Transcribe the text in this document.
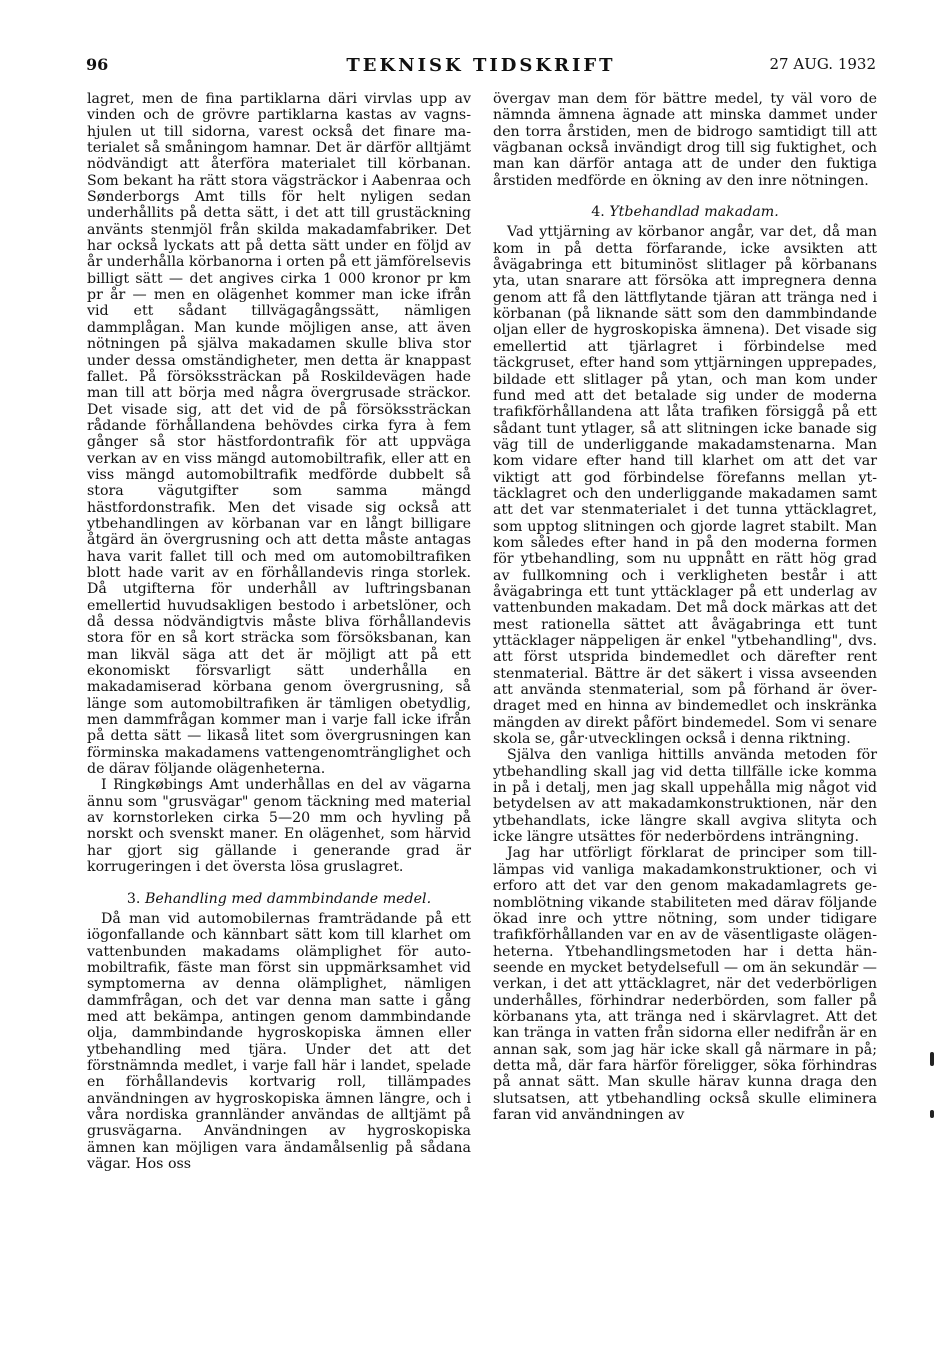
96	TEKNISK TIDSKRIFT	27 AUG. 1932

lagret, men de fina partiklarna däri virvlas upp av vinden och de grövre partiklarna kastas av vagnshjulen ut till sidorna, varest också det finare materialet så småningom hamnar. Det är därför alltjämt nödvändigt att återföra materialet till körbanan. Som bekant ha rätt stora vägsträckor i Aabenraa och Sønderborgs Amt tills för helt nyligen sedan underhållits på detta sätt, i det att till grustäckning använts stenmjöl från skilda makadamfabriker. Det har också lyckats att på detta sätt under en följd av år underhålla körbanorna i orten på ett jämförelsevis billigt sätt — det angives cirka 1 000 kronor pr km pr år — men en olägenhet kommer man icke ifrån vid ett sådant tillvägagångssätt, nämligen dammplågan. Man kunde möjligen anse, att även nötningen på själva makadamen skulle bliva stor under dessa omständigheter, men detta är knappast fallet. På försökssträckan på Roskildevägen hade man till att börja med några övergrusade sträckor. Det visade sig, att det vid de på försökssträckan rådande förhållandena behövdes cirka fyra à fem gånger så stor hästfordontrafik för att uppväga verkan av en viss mängd automobiltrafik, eller att en viss mängd automobiltrafik medförde dubbelt så stora vägutgifter som samma mängd hästfordonstrafik. Men det visade sig också att ytbehandlingen av körbanan var en långt billigare åtgärd än övergrusning och att detta måste antagas hava varit fallet till och med om automobiltrafiken blott hade varit av en förhållandevis ringa storlek. Då utgifterna för underhåll av luftringsbanan emellertid huvudsakligen bestodo i arbetslöner, och då dessa nödvändigtvis måste bliva förhållandevis stora för en så kort sträcka som försöksbanan, kan man likväl säga att det är möjligt att på ett ekonomiskt försvarligt sätt underhålla en makadamiserad körbana genom övergrusning, så länge som automobiltrafiken är tämligen obetydlig, men dammfrågan kommer man i varje fall icke ifrån på detta sätt — likaså litet som övergrusningen kan förminska makadamens vattengenomtränglighet och de därav följande olägenheterna.

I Ringkøbings Amt underhållas en del av vägarna ännu som "grusvägar" genom täckning med material av kornstorleken cirka 5—20 mm och hyvling på norskt och svenskt maner. En olägenhet, som härvid har gjort sig gällande i generande grad är korrugeringen i det översta lösa gruslagret.

3. Behandling med dammbindande medel.

Då man vid automobilernas framträdande på ett iögonfallande och kännbart sätt kom till klarhet om vattenbunden makadams olämplighet för automobiltrafik, fäste man först sin uppmärksamhet vid symptomerna av denna olämplighet, nämligen dammfrågan, och det var denna man satte i gång med att bekämpa, antingen genom dammbindande olja, dammbindande hygroskopiska ämnen eller ytbehandling med tjära. Under det att det förstnämnda medlet, i varje fall här i landet, spelade en förhållandevis kortvarig roll, tillämpades användningen av hygroskopiska ämnen längre, och i våra nordiska grannländer användas de alltjämt på grusvägarna. Användningen av hygroskopiska ämnen kan möjligen vara ändamålsenlig på sådana vägar. Hos oss

övergav man dem för bättre medel, ty väl voro de nämnda ämnena ägnade att minska dammet under den torra årstiden, men de bidrogo samtidigt till att vägbanan också invändigt drog till sig fuktighet, och man kan därför antaga att de under den fuktiga årstiden medförde en ökning av den inre nötningen.

4. Ytbehandlad makadam.

Vad yttjärning av körbanor angår, var det, då man kom in på detta förfarande, icke avsikten att åvägabringa ett bituminöst slitlager på körbanans yta, utan snarare att försöka att impregnera denna genom att få den lättflytande tjäran att tränga ned i körbanan (på liknande sätt som den dammbindande oljan eller de hygroskopiska ämnena). Det visade sig emellertid att tjärlagret i förbindelse med täckgruset, efter hand som yttjärningen upprepades, bildade ett slitlager på ytan, och man kom under fund med att det betalade sig under de moderna trafikförhållandena att låta trafiken försiggå på ett sådant tunt ytlager, så att slitningen icke banade sig väg till de underliggande makadamstenarna. Man kom vidare efter hand till klarhet om att det var viktigt att god förbindelse förefanns mellan yttäcklagret och den underliggande makadamen samt att det var stenmaterialet i det tunna yttäcklagret, som upptog slitningen och gjorde lagret stabilt. Man kom således efter hand in på den moderna formen för ytbehandling, som nu uppnått en rätt hög grad av fullkomning och i verkligheten består i att åvägabringa ett tunt yttäcklager på ett underlag av vattenbunden makadam. Det må dock märkas att det mest rationella sättet att åvägabringa ett tunt yttäcklager näppeligen är enkel "ytbehandling", dvs. att först utsprida bindemedlet och därefter rent stenmaterial. Bättre är det säkert i vissa avseenden att använda stenmaterial, som på förhand är överdraget med en hinna av bindemedlet och inskränka mängden av direkt påfört bindemedel. Som vi senare skola se, går·utvecklingen också i denna riktning.

Själva den vanliga hittills använda metoden för ytbehandling skall jag vid detta tillfälle icke komma in på i detalj, men jag skall uppehålla mig något vid betydelsen av att makadamkonstruktionen, när den ytbehandlats, icke längre skall avgiva slityta och icke längre utsättes för nederbördens inträngning.

Jag har utförligt förklarat de principer som tilllämpas vid vanliga makadamkonstruktioner, och vi erforo att det var den genom makadamlagrets genomblötning vikande stabiliteten med därav följande ökad inre och yttre nötning, som under tidigare trafikförhållanden var en av de väsentligaste olägenheterna. Ytbehandlingsmetoden har i detta hänseende en mycket betydelsefull — om än sekundär — verkan, i det att yttäcklagret, när det vederbörligen underhålles, förhindrar nederbörden, som faller på körbanans yta, att tränga ned i skärvlagret. Att det kan tränga in vatten från sidorna eller nedifrån är en annan sak, som jag här icke skall gå närmare in på; detta må, där fara härför föreligger, söka förhindras på annat sätt. Man skulle härav kunna draga den slutsatsen, att ytbehandling också skulle eliminera faran vid användningen av
